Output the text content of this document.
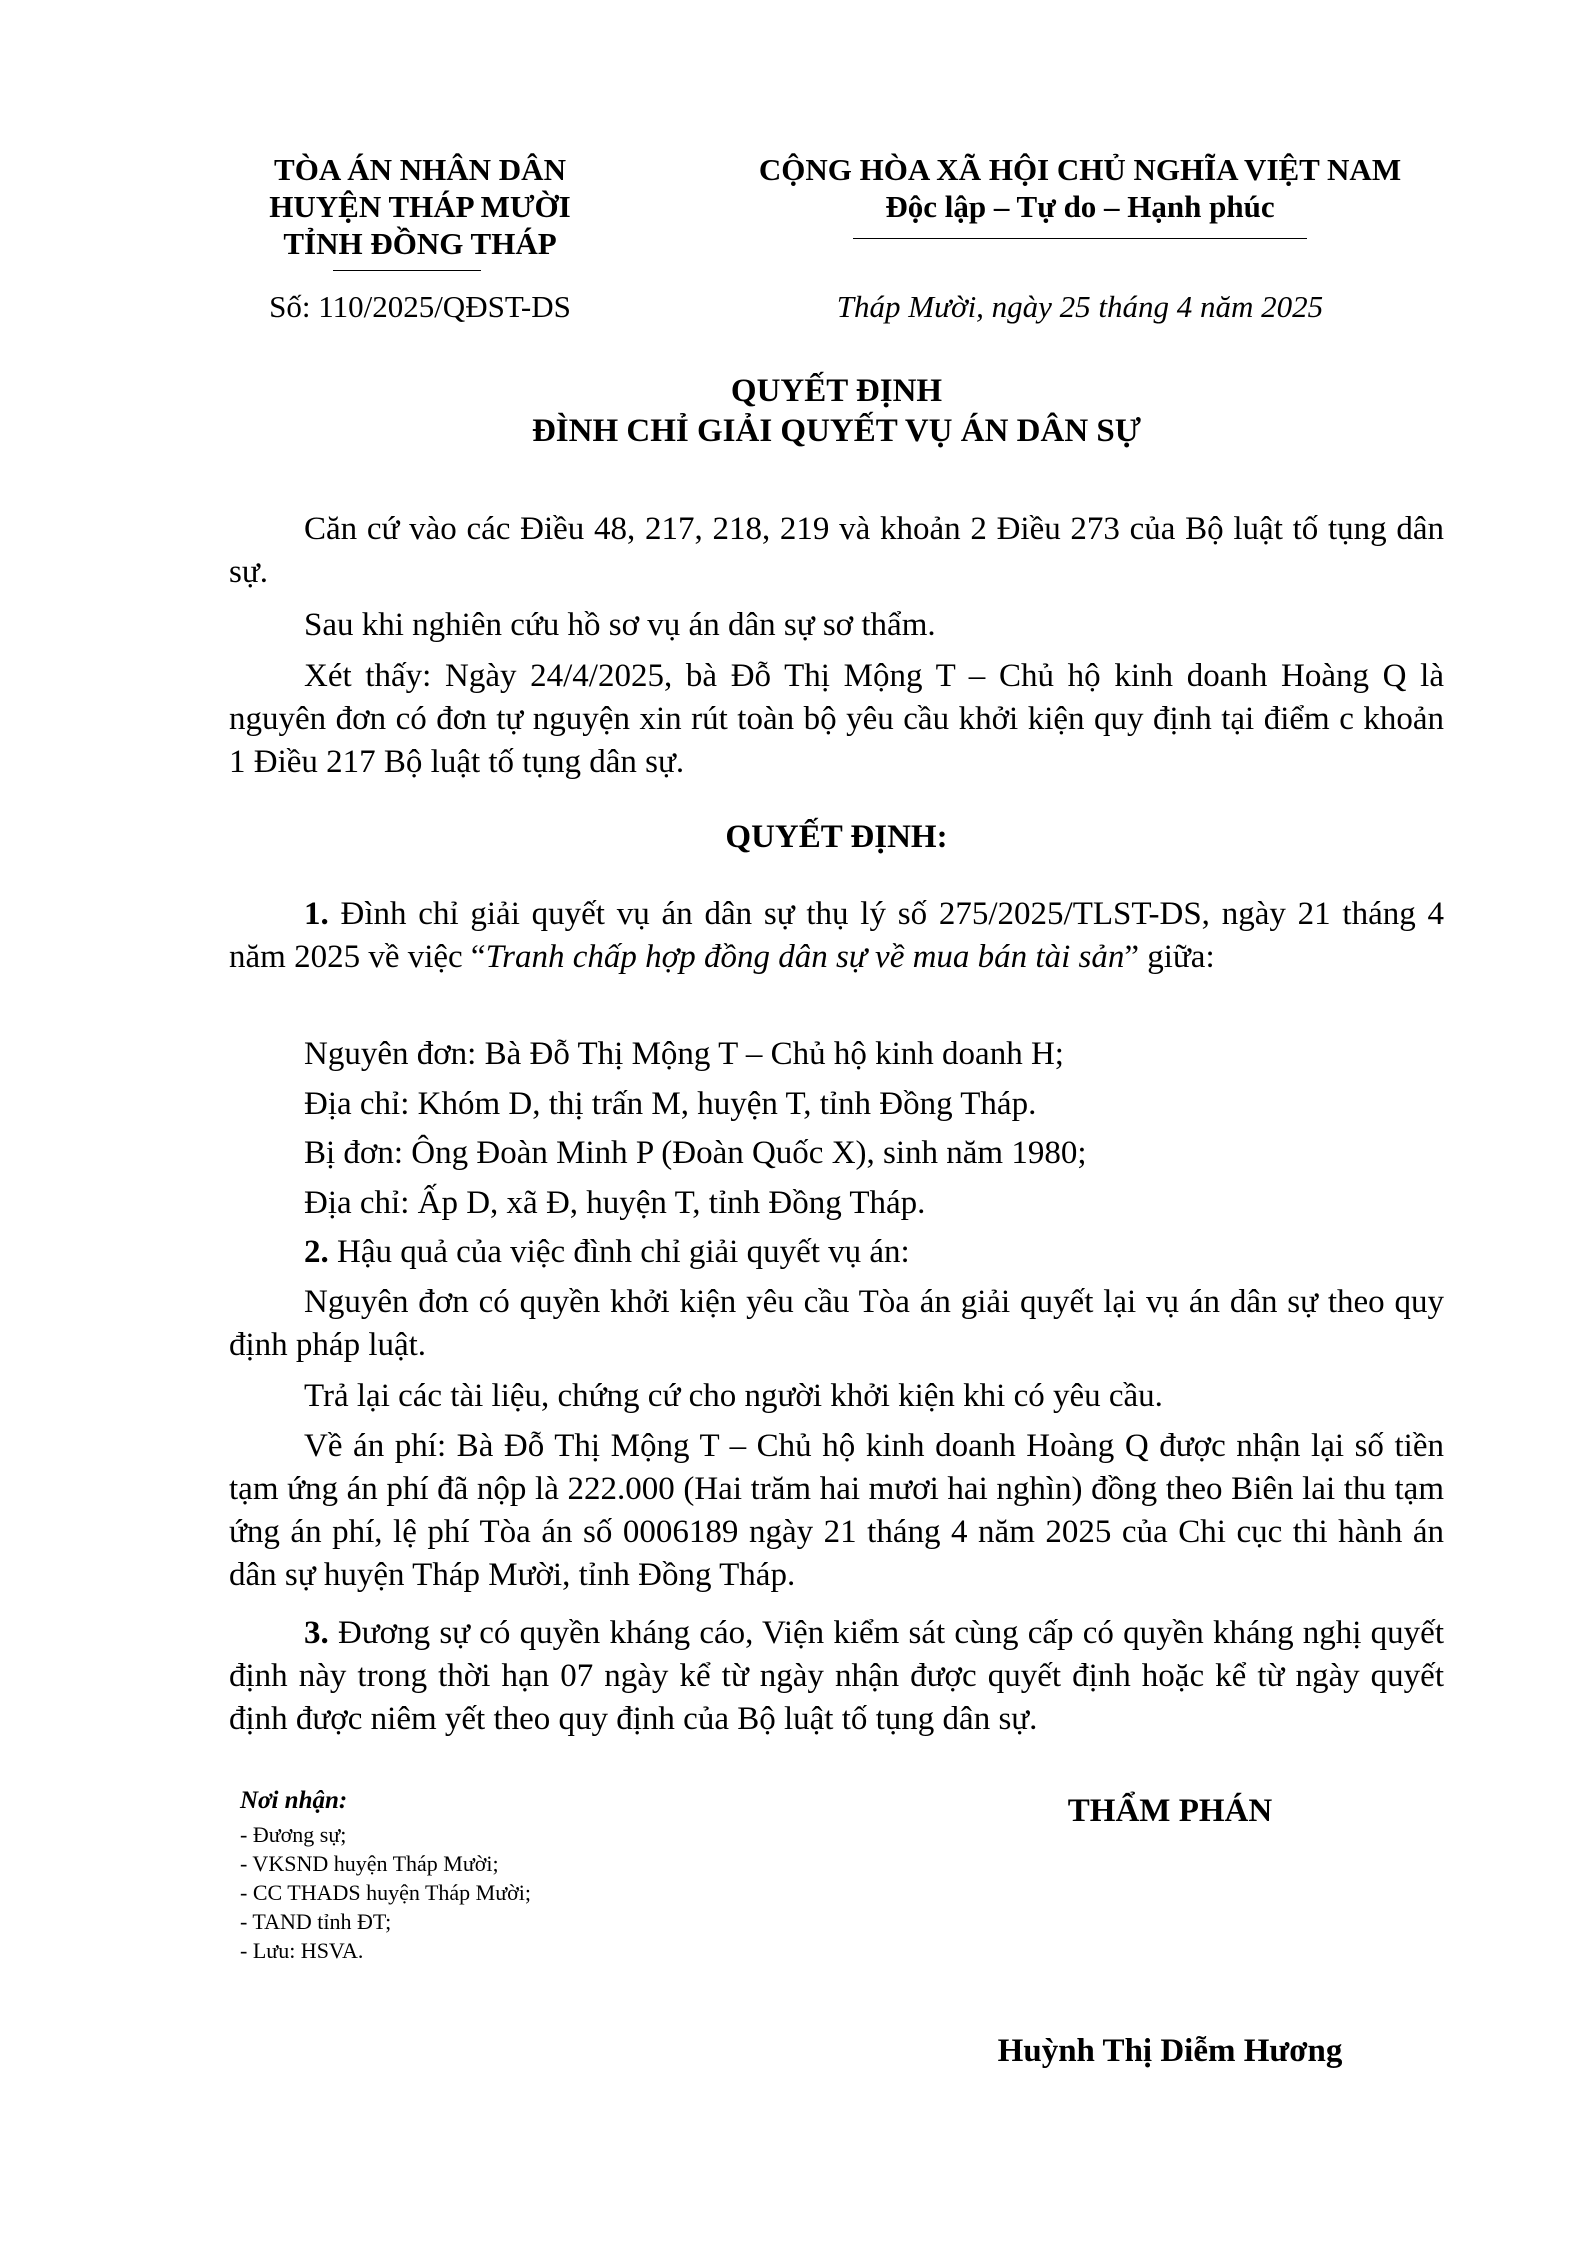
TÒA ÁN NHÂN DÂN
HUYỆN THÁP MƯỜI
TỈNH ĐỒNG THÁP
Số: 110/2025/QĐST-DS
CỘNG HÒA XÃ HỘI CHỦ NGHĨA VIỆT NAM
Độc lập – Tự do – Hạnh phúc
Tháp Mười, ngày 25 tháng 4 năm 2025
QUYẾT ĐỊNH
ĐÌNH CHỈ GIẢI QUYẾT VỤ ÁN DÂN SỰ
Căn cứ vào các Điều 48, 217, 218, 219 và khoản 2 Điều 273 của Bộ luật tố tụng dân sự.
Sau khi nghiên cứu hồ sơ vụ án dân sự sơ thẩm.
Xét thấy: Ngày 24/4/2025, bà Đỗ Thị Mộng T – Chủ hộ kinh doanh Hoàng Q là nguyên đơn có đơn tự nguyện xin rút toàn bộ yêu cầu khởi kiện quy định tại điểm c khoản 1 Điều 217 Bộ luật tố tụng dân sự.
QUYẾT ĐỊNH:
1. Đình chỉ giải quyết vụ án dân sự thụ lý số 275/2025/TLST-DS, ngày 21 tháng 4 năm 2025 về việc “Tranh chấp hợp đồng dân sự về mua bán tài sản” giữa:
Nguyên đơn: Bà Đỗ Thị Mộng T – Chủ hộ kinh doanh H;
Địa chỉ: Khóm D, thị trấn M, huyện T, tỉnh Đồng Tháp.
Bị đơn: Ông Đoàn Minh P (Đoàn Quốc X), sinh năm 1980;
Địa chỉ: Ấp D, xã Đ, huyện T, tỉnh Đồng Tháp.
2. Hậu quả của việc đình chỉ giải quyết vụ án:
Nguyên đơn có quyền khởi kiện yêu cầu Tòa án giải quyết lại vụ án dân sự theo quy định pháp luật.
Trả lại các tài liệu, chứng cứ cho người khởi kiện khi có yêu cầu.
Về án phí: Bà Đỗ Thị Mộng T – Chủ hộ kinh doanh Hoàng Q được nhận lại số tiền tạm ứng án phí đã nộp là 222.000 (Hai trăm hai mươi hai nghìn) đồng theo Biên lai thu tạm ứng án phí, lệ phí Tòa án số 0006189 ngày 21 tháng 4 năm 2025 của Chi cục thi hành án dân sự huyện Tháp Mười, tỉnh Đồng Tháp.
3. Đương sự có quyền kháng cáo, Viện kiểm sát cùng cấp có quyền kháng nghị quyết định này trong thời hạn 07 ngày kể từ ngày nhận được quyết định hoặc kể từ ngày quyết định được niêm yết theo quy định của Bộ luật tố tụng dân sự.
Nơi nhận:
- Đương sự;
- VKSND huyện Tháp Mười;
- CC THADS huyện Tháp Mười;
- TAND tỉnh ĐT;
- Lưu: HSVA.
THẨM PHÁN
Huỳnh Thị Diễm Hương
